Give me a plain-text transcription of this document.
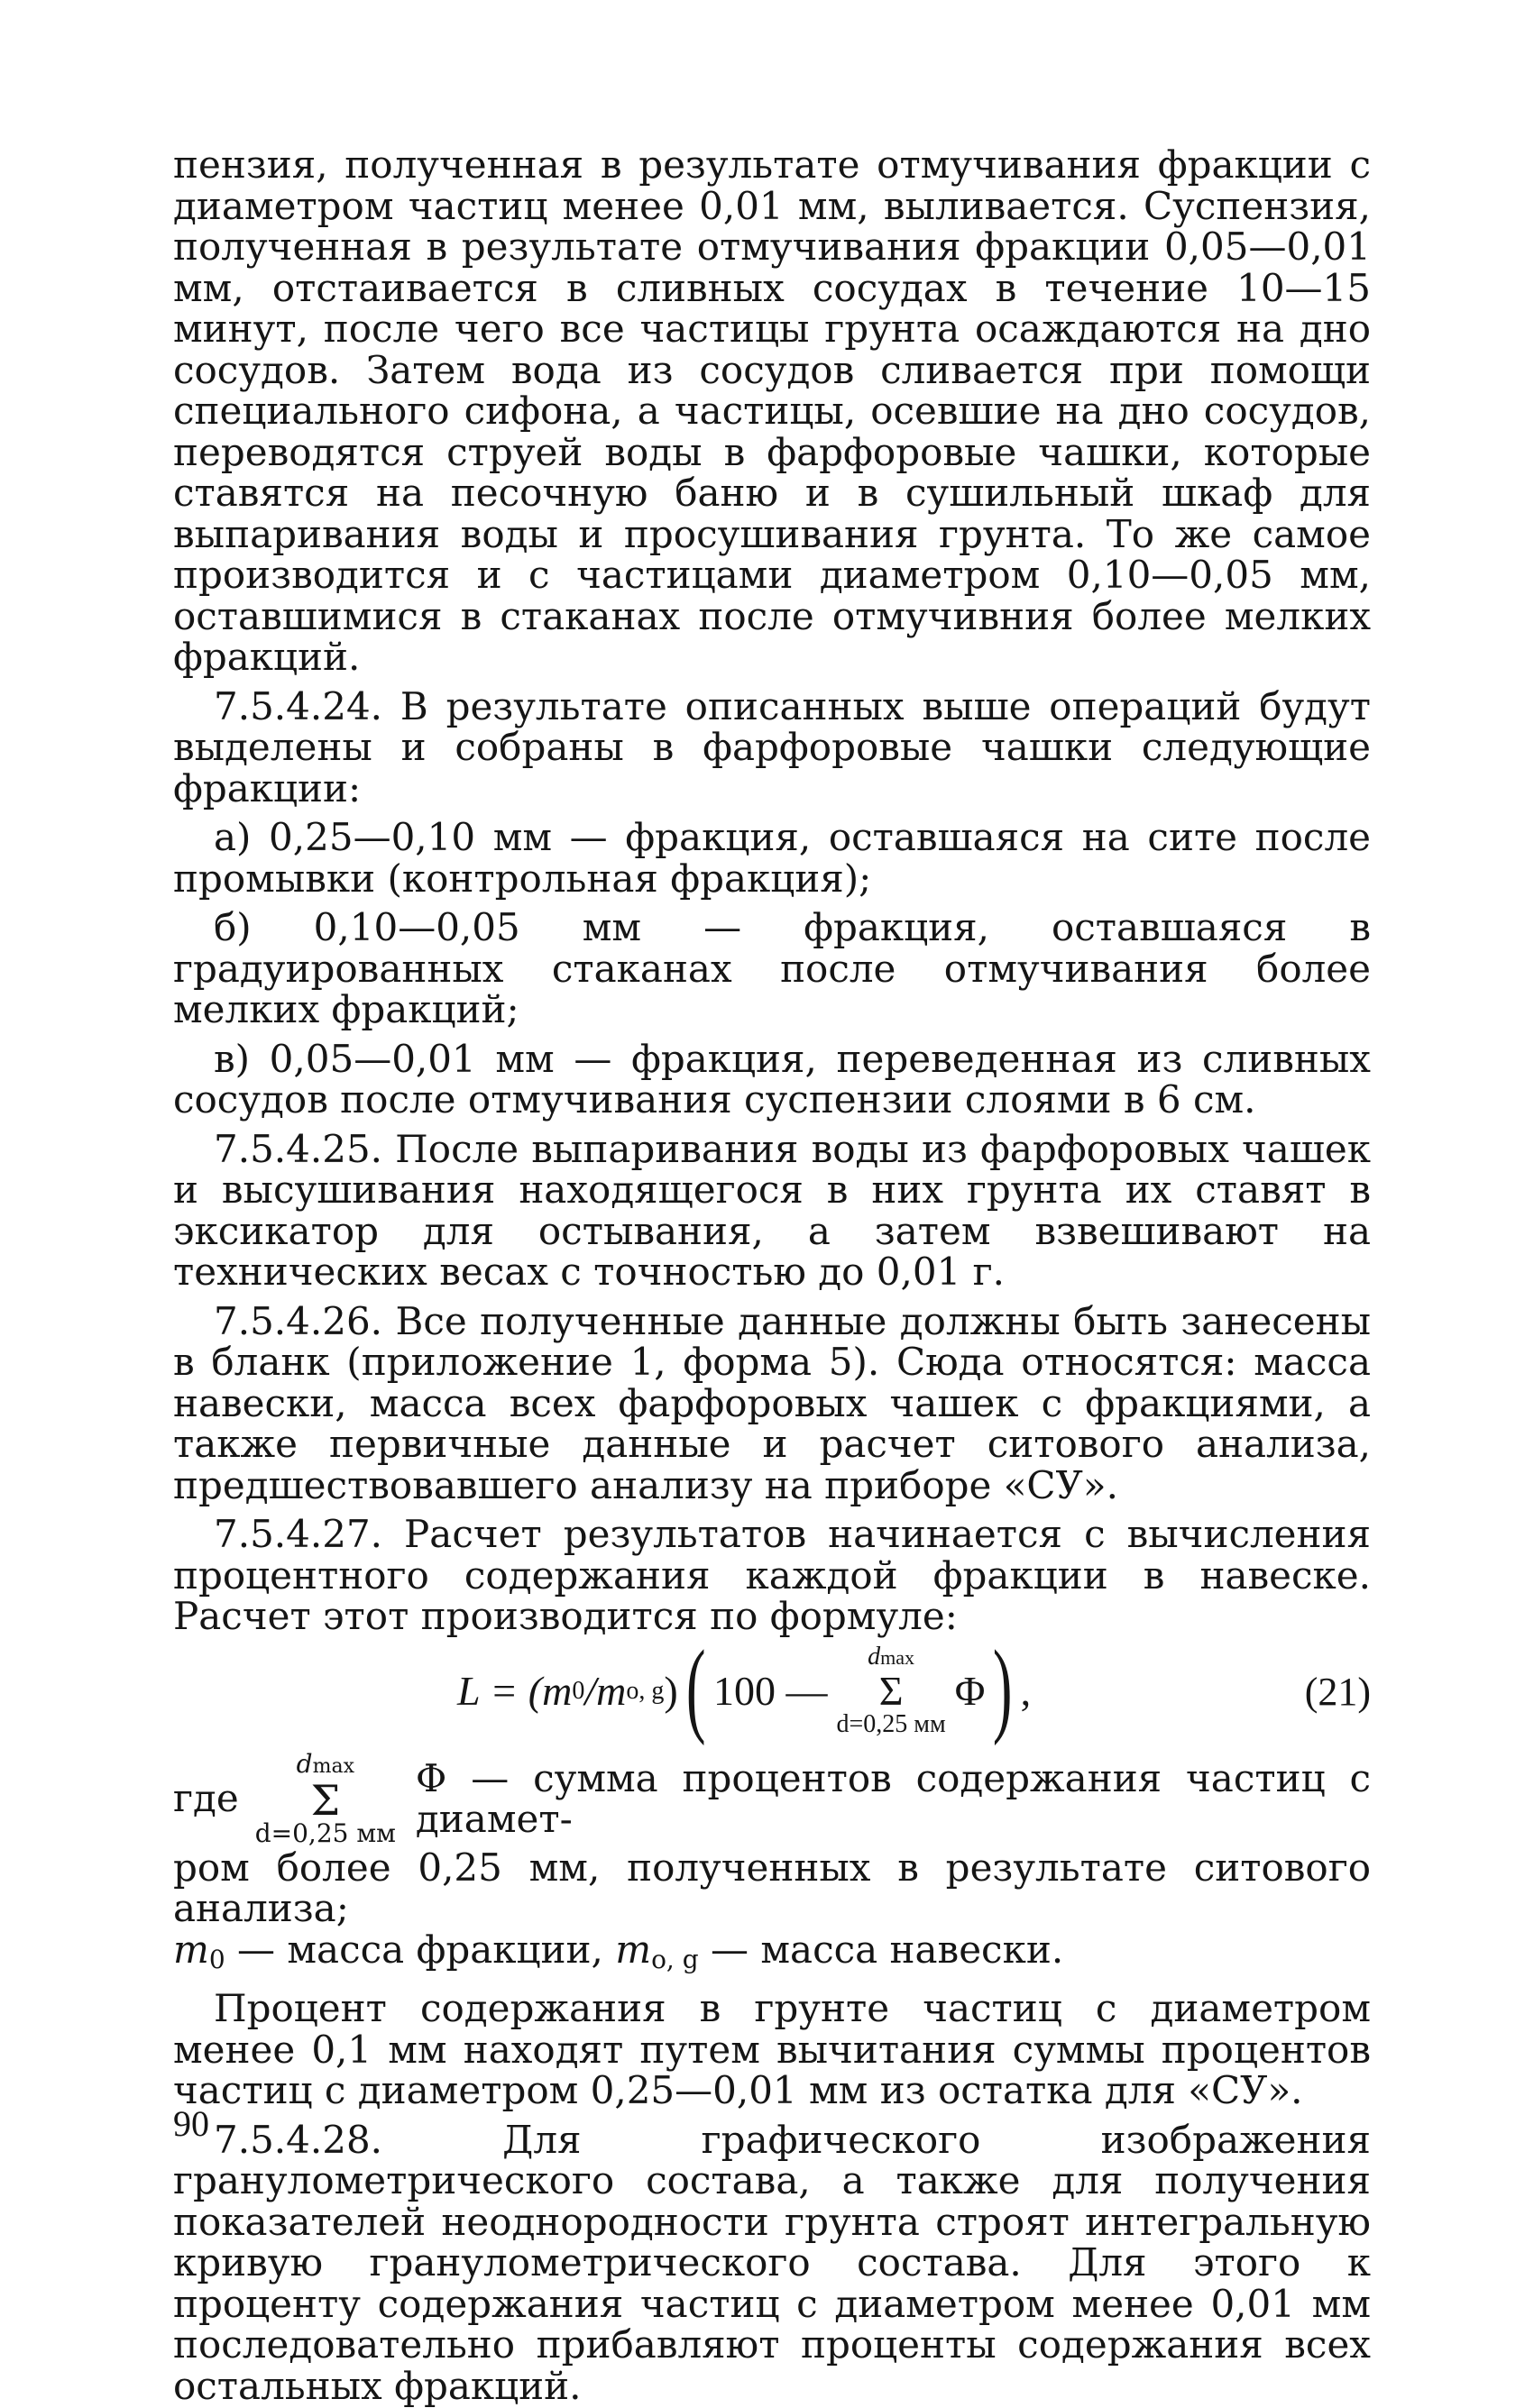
пензия, полученная в результате отмучивания фракции с диаметром частиц менее 0,01 мм, выливается. Суспензия, полученная в результате отмучивания фракции 0,05—0,01 мм, отстаивается в сливных сосудах в течение 10—15 минут, после чего все частицы грунта осаждаются на дно сосудов. Затем вода из сосудов сливается при помощи специального сифона, а частицы, осевшие на дно сосудов, переводятся струей воды в фарфоровые чашки, которые ставятся на песочную баню и в сушильный шкаф для выпаривания воды и просушивания грунта. То же самое производится и с частицами диаметром 0,10—0,05 мм, оставшимися в стаканах после отмучивния более мелких фракций.

7.5.4.24. В результате описанных выше операций будут выделены и собраны в фарфоровые чашки следующие фракции:

а) 0,25—0,10 мм — фракция, оставшаяся на сите после промывки (контрольная фракция);

б) 0,10—0,05 мм — фракция, оставшаяся в градуированных стаканах после отмучивания более мелких фракций;

в) 0,05—0,01 мм — фракция, переведенная из сливных сосудов после отмучивания суспензии слоями в 6 см.

7.5.4.25. После выпаривания воды из фарфоровых чашек и высушивания находящегося в них грунта их ставят в эксикатор для остывания, а затем взвешивают на технических весах с точностью до 0,01 г.

7.5.4.26. Все полученные данные должны быть занесены в бланк (приложение 1, форма 5). Сюда относятся: масса навески, масса всех фарфоровых чашек с фракциями, а также первичные данные и расчет ситового анализа, предшествовавшего анализу на приборе «СУ».

7.5.4.27. Расчет результатов начинается с вычисления процентного содержания каждой фракции в навеске. Расчет этот производится по формуле:

L = (m 0 /m o, g ) ( 100 —
dmax
Σ
d=0,25 мм
Φ ) ,	(21)
где
dmax
Σ
d=0,25 мм
Φ — сумма процентов содержания частиц с диамет-

ром более 0,25 мм, полученных в результате ситового анализа;

$m_0$ — масса фракции, $m_{o, g}$ — масса навески.

Процент содержания в грунте частиц с диаметром менее 0,1 мм находят путем вычитания суммы процентов частиц с диаметром 0,25—0,01 мм из остатка для «СУ».

7.5.4.28. Для графического изображения гранулометрического состава, а также для получения показателей неоднородности грунта строят интегральную кривую гранулометрического состава. Для этого к проценту содержания частиц с диаметром менее 0,01 мм последовательно прибавляют проценты содержания всех остальных фракций.

90
